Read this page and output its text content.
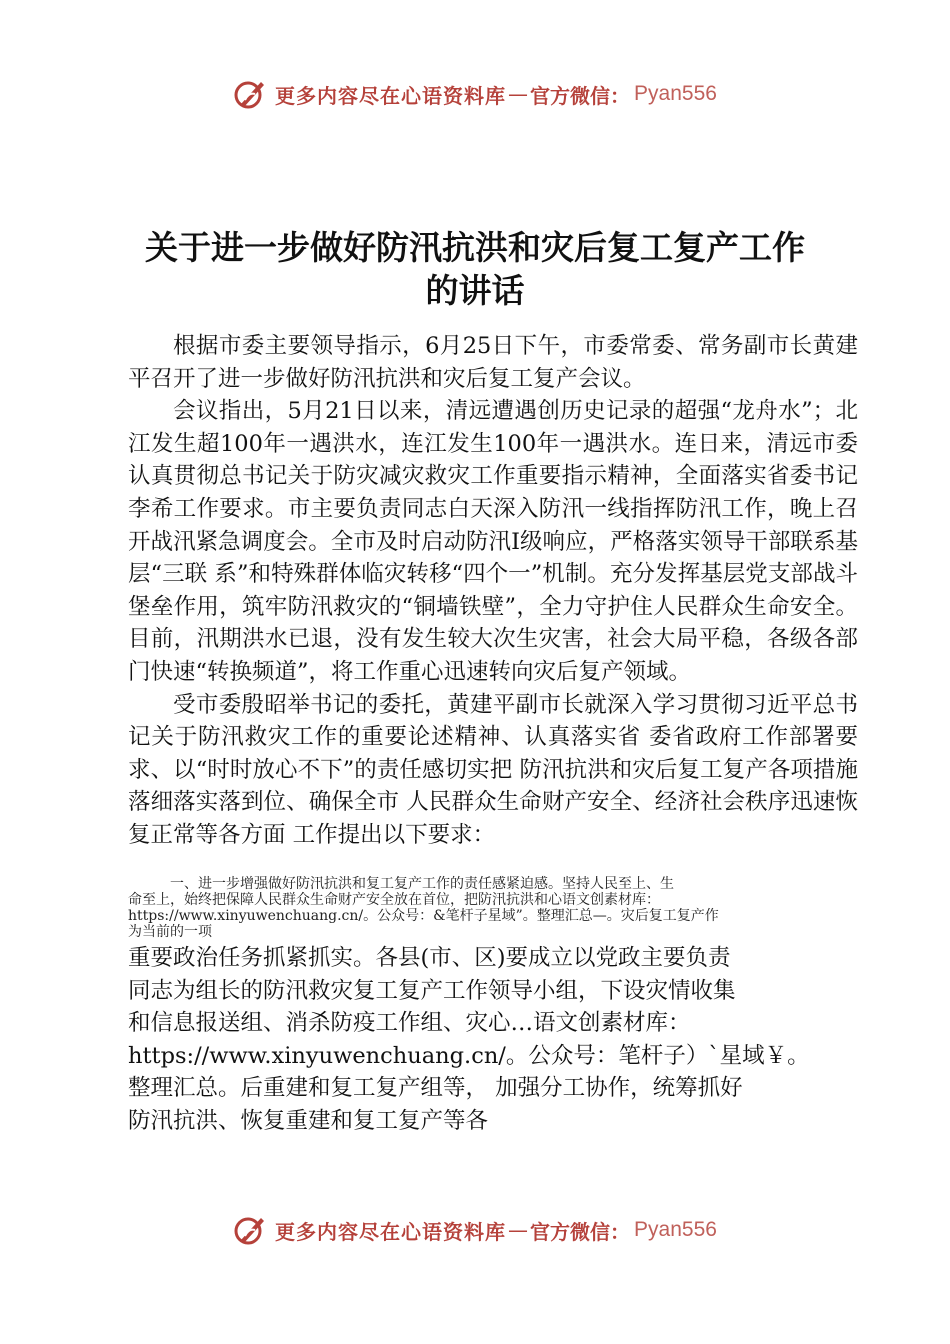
更多内容尽在心语资料库 — 官方微信： Pyan556
关于进一步做好防汛抗洪和灾后复工复产工作
的讲话

根据市委主要领导指示，6月25日下午，市委常委、常务副市长黄建平召开了进一步做好防汛抗洪和灾后复工复产会议。

会议指出，5月21日以来，清远遭遇创历史记录的超强“龙舟水”；北江发生超100年一遇洪水，连江发生100年一遇洪水。连日来，清远市委认真贯彻总书记关于防灾减灾救灾工作重要指示精神，全面落实省委书记李希工作要求。市主要负责同志白天深入防汛一线指挥防汛工作，晚上召开战汛紧急调度会。全市及时启动防汛Ⅰ级响应，严格落实领导干部联系基层“三联 系”和特殊群体临灾转移“四个一”机制。充分发挥基层党支部战斗堡垒作用，筑牢防汛救灾的“铜墙铁壁”，全力守护住人民群众生命安全。目前，汛期洪水已退，没有发生较大次生灾害，社会大局平稳，各级各部门快速“转换频道”，将工作重心迅速转向灾后复产领域。

受市委殷昭举书记的委托，黄建平副市长就深入学习贯彻习近平总书记关于防汛救灾工作的重要论述精神、认真落实省 委省政府工作部署要求、以“时时放心不下”的责任感切实把 防汛抗洪和灾后复工复产各项措施落细落实落到位、确保全市 人民群众生命财产安全、经济社会秩序迅速恢复正常等各方面 工作提出以下要求：

一、进一步增强做好防汛抗洪和复工复产工作的责任感紧迫感。坚持人民至上、生

命至上，始终把保障人民群众生命财产安全放在首位，把防汛抗洪和心语文创素材库：

https://www.xinyuwenchuang.cn/。公众号：&笔杆子星域”。整理汇总—。灾后复工复产作

为当前的一项

重要政治任务抓紧抓实。各县(市、区)要成立以党政主要负责

同志为组长的防汛救灾复工复产工作领导小组，下设灾情收集

和信息报送组、消杀防疫工作组、灾心…语文创素材库：

https://www.xinyuwenchuang.cn/。公众号：笔杆子）`星域￥。

整理汇总。后重建和复工复产组等， 加强分工协作，统筹抓好

防汛抗洪、恢复重建和复工复产等各

更多内容尽在心语资料库 — 官方微信： Pyan556
